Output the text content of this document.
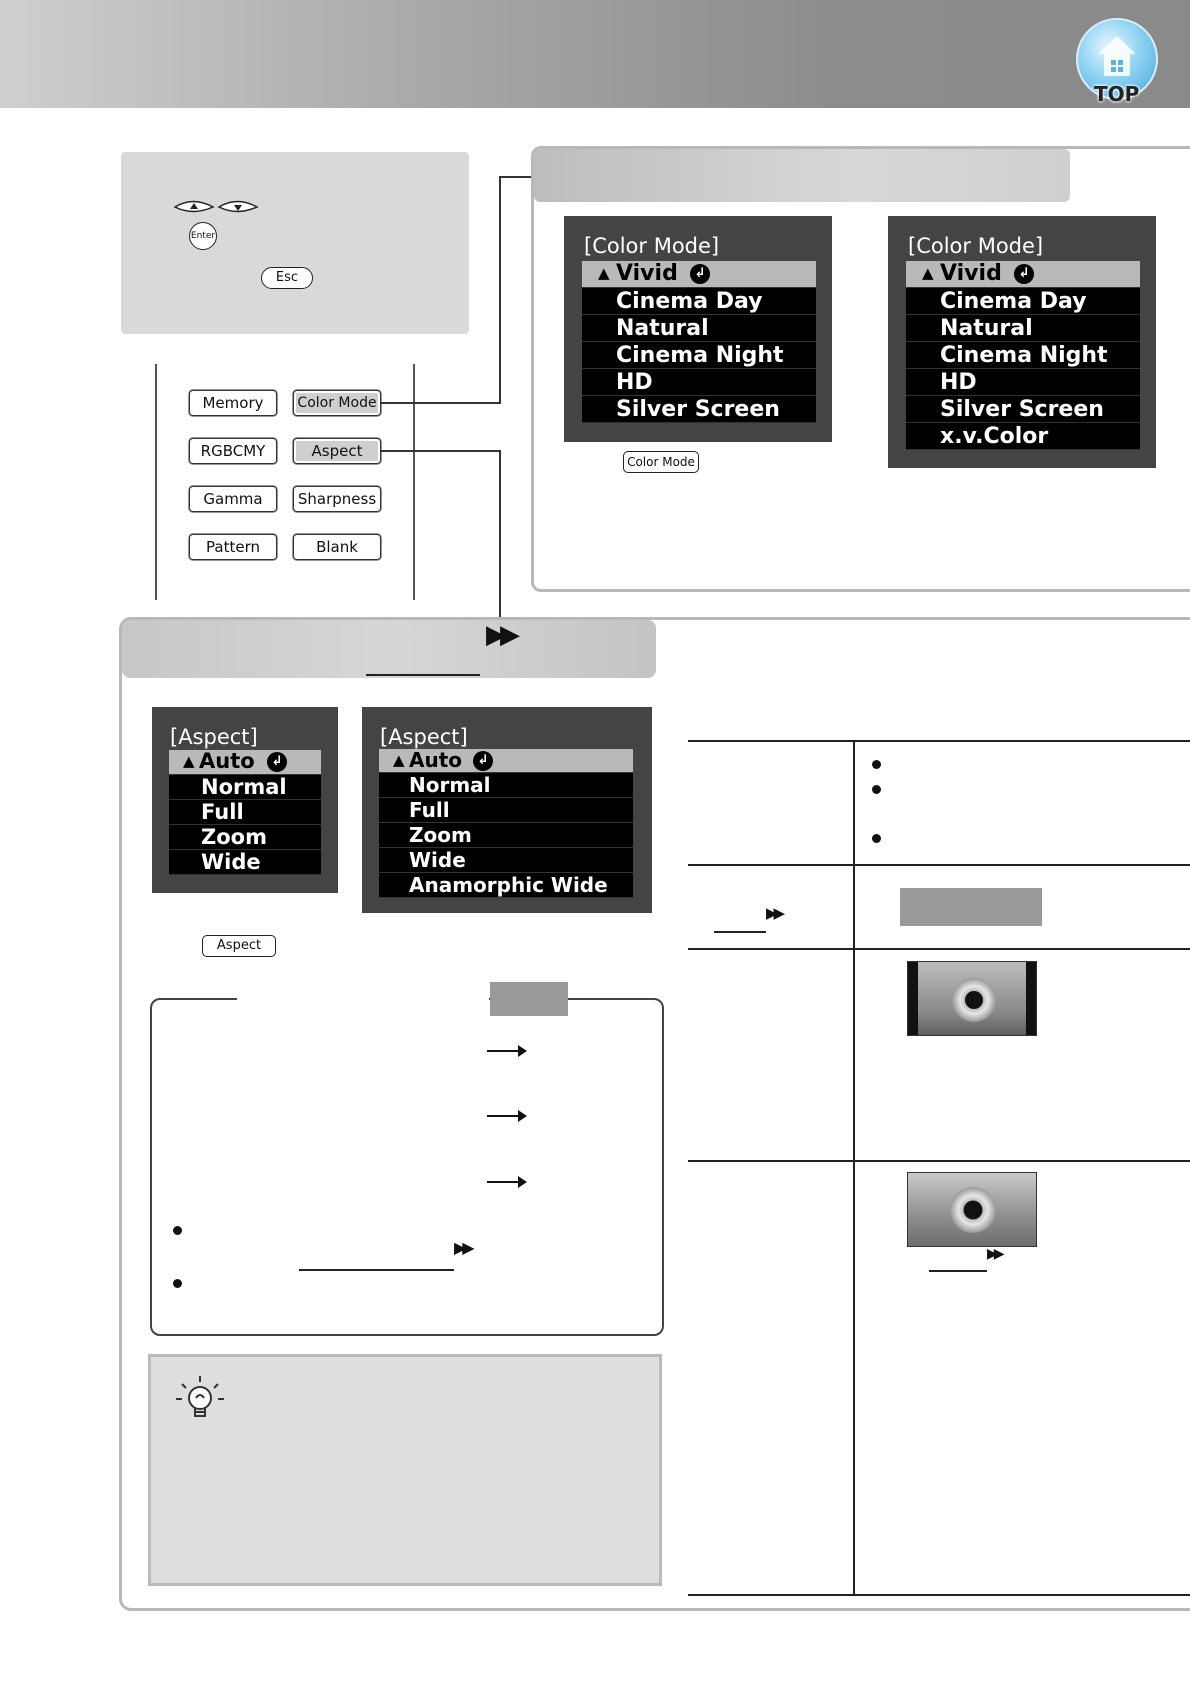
TOP
Enter
Esc
Memory	Color Mode
RGBCMY	Aspect
Gamma	Sharpness
Pattern	Blank
[Color Mode]
▲ Vivid	↲
Cinema Day
Natural
Cinema Night
HD
Silver Screen
Color Mode
[Color Mode]
▲ Vivid	↲
Cinema Day
Natural
Cinema Night
HD
Silver Screen
x.v.Color
▶▶
[Aspect]
▲ Auto	↲
Normal
Full
Zoom
Wide
[Aspect]
▲ Auto	↲
Normal
Full
Zoom
Wide
Anamorphic Wide
Aspect
▶▶
▶▶
▶▶
